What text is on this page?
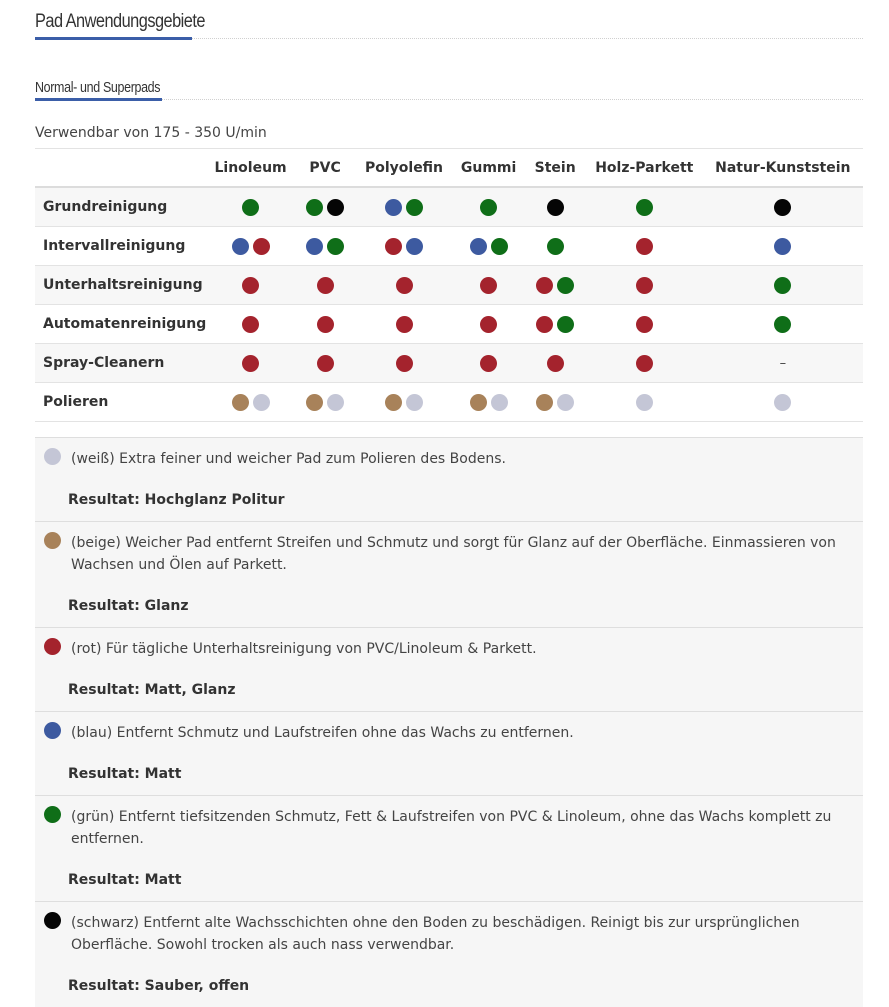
Pad Anwendungsgebiete
Normal- und Superpads
Verwendbar von 175 - 350 U/min
	Linoleum	PVC	Polyolefin	Gummi	Stein	Holz-Parkett	Natur-Kunststein
Grundreinigung							
Intervallreinigung							
Unterhaltsreinigung							
Automatenreinigung							
Spray-Cleanern							–
Polieren							
(weiß) Extra feiner und weicher Pad zum Polieren des Bodens.
Resultat: Hochglanz Politur
(beige) Weicher Pad entfernt Streifen und Schmutz und sorgt für Glanz auf der Oberfläche. Einmassieren von Wachsen und Ölen auf Parkett.
Resultat: Glanz
(rot) Für tägliche Unterhaltsreinigung von PVC/Linoleum & Parkett.
Resultat: Matt, Glanz
(blau) Entfernt Schmutz und Laufstreifen ohne das Wachs zu entfernen.
Resultat: Matt
(grün) Entfernt tiefsitzenden Schmutz, Fett & Laufstreifen von PVC & Linoleum, ohne das Wachs komplett zu entfernen.
Resultat: Matt
(schwarz) Entfernt alte Wachsschichten ohne den Boden zu beschädigen. Reinigt bis zur ursprünglichen Oberfläche. Sowohl trocken als auch nass verwendbar.
Resultat: Sauber, offen
